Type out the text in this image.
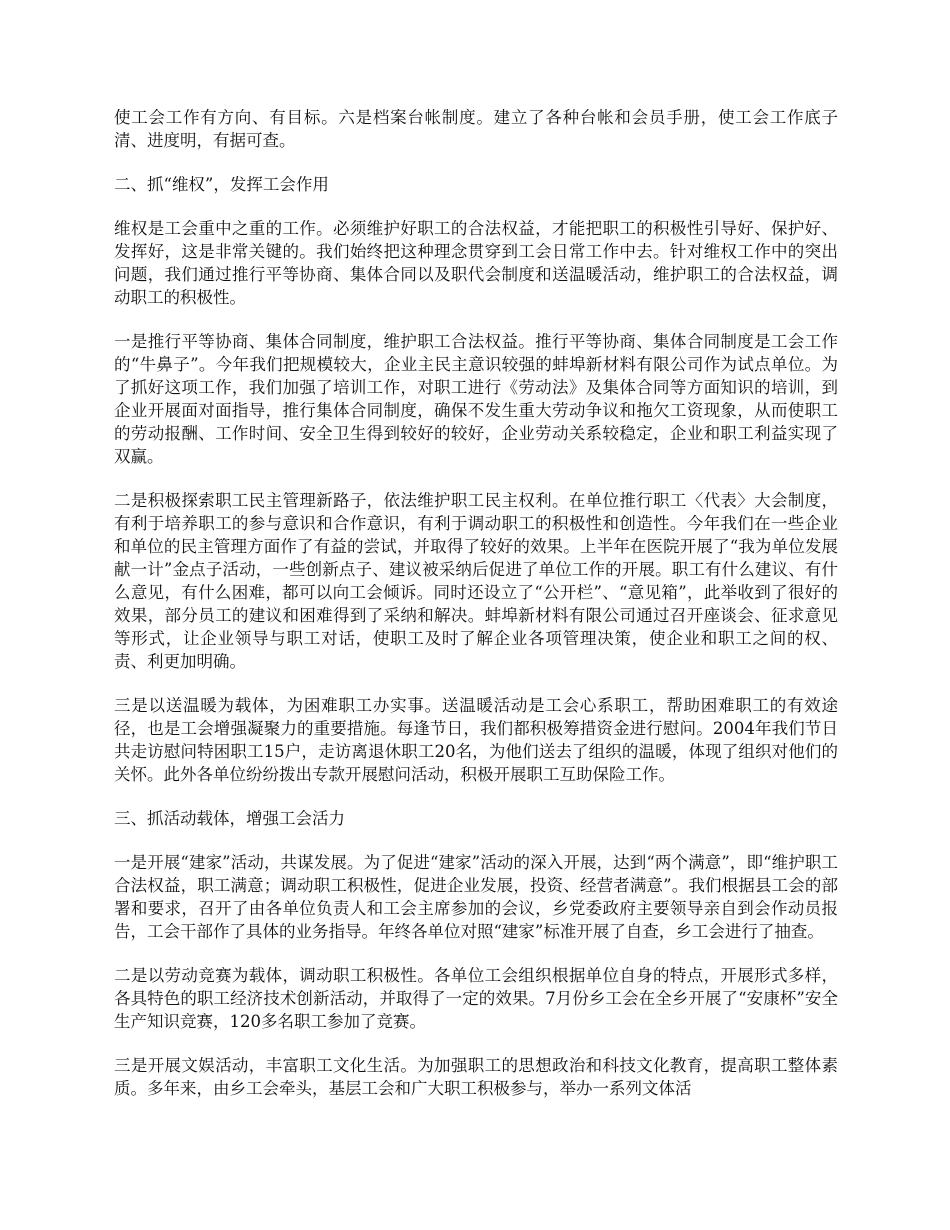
使工会工作有方向、有目标。六是档案台帐制度。建立了各种台帐和会员手册，使工会工作底子清、进度明，有据可查。

二、抓“维权”，发挥工会作用

维权是工会重中之重的工作。必须维护好职工的合法权益，才能把职工的积极性引导好、保护好、发挥好，这是非常关键的。我们始终把这种理念贯穿到工会日常工作中去。针对维权工作中的突出问题，我们通过推行平等协商、集体合同以及职代会制度和送温暖活动，维护职工的合法权益，调动职工的积极性。

一是推行平等协商、集体合同制度，维护职工合法权益。推行平等协商、集体合同制度是工会工作的“牛鼻子”。今年我们把规模较大，企业主民主意识较强的蚌埠新材料有限公司作为试点单位。为了抓好这项工作，我们加强了培训工作，对职工进行《劳动法》及集体合同等方面知识的培训，到企业开展面对面指导，推行集体合同制度，确保不发生重大劳动争议和拖欠工资现象，从而使职工的劳动报酬、工作时间、安全卫生得到较好的较好，企业劳动关系较稳定，企业和职工利益实现了双赢。

二是积极探索职工民主管理新路子，依法维护职工民主权利。在单位推行职工〈代表〉大会制度，有利于培养职工的参与意识和合作意识，有利于调动职工的积极性和创造性。今年我们在一些企业和单位的民主管理方面作了有益的尝试，并取得了较好的效果。上半年在医院开展了“我为单位发展献一计”金点子活动，一些创新点子、建议被采纳后促进了单位工作的开展。职工有什么建议、有什么意见，有什么困难，都可以向工会倾诉。同时还设立了“公开栏”、“意见箱”，此举收到了很好的效果，部分员工的建议和困难得到了采纳和解决。蚌埠新材料有限公司通过召开座谈会、征求意见等形式，让企业领导与职工对话，使职工及时了解企业各项管理决策，使企业和职工之间的权、责、利更加明确。

三是以送温暖为载体，为困难职工办实事。送温暖活动是工会心系职工，帮助困难职工的有效途径，也是工会增强凝聚力的重要措施。每逢节日，我们都积极筹措资金进行慰问。2004年我们节日共走访慰问特困职工15户，走访离退休职工20名，为他们送去了组织的温暖，体现了组织对他们的关怀。此外各单位纷纷拨出专款开展慰问活动，积极开展职工互助保险工作。

三、抓活动载体，增强工会活力

一是开展“建家”活动，共谋发展。为了促进“建家”活动的深入开展，达到“两个满意”，即“维护职工合法权益，职工满意；调动职工积极性，促进企业发展，投资、经营者满意”。我们根据县工会的部署和要求，召开了由各单位负责人和工会主席参加的会议，乡党委政府主要领导亲自到会作动员报告，工会干部作了具体的业务指导。年终各单位对照“建家”标准开展了自查，乡工会进行了抽查。

二是以劳动竞赛为载体，调动职工积极性。各单位工会组织根据单位自身的特点，开展形式多样，各具特色的职工经济技术创新活动，并取得了一定的效果。7月份乡工会在全乡开展了“安康杯”安全生产知识竞赛，120多名职工参加了竞赛。

三是开展文娱活动，丰富职工文化生活。为加强职工的思想政治和科技文化教育，提高职工整体素质。多年来，由乡工会牵头，基层工会和广大职工积极参与，举办一系列文体活
